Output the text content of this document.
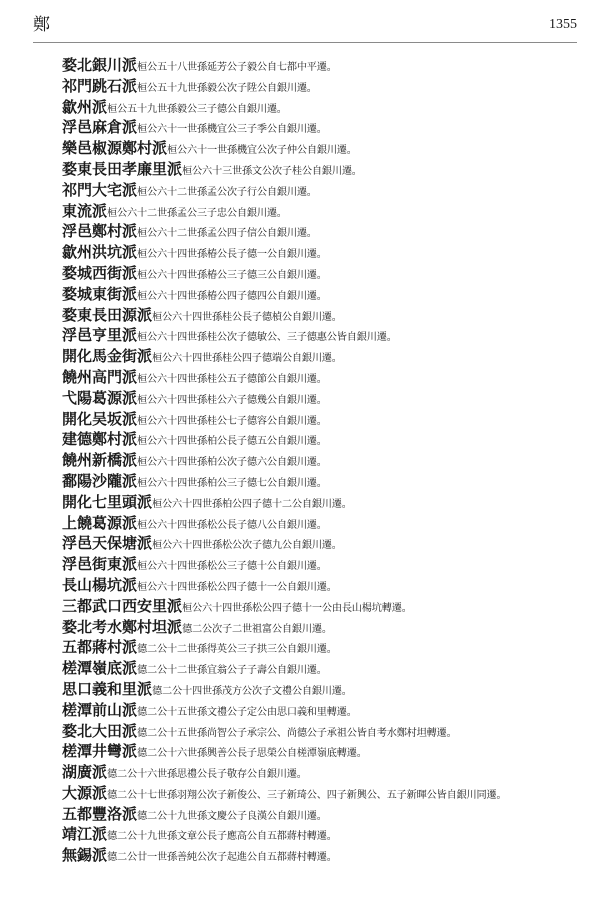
鄭	1355
婺北銀川派桓公五十八世孫延芳公子毅公自七都中平遷。
祁門跳石派桓公五十九世孫毅公次子陞公自銀川遷。
歙州派桓公五十九世孫毅公三子德公自銀川遷。
浮邑麻倉派桓公六十一世孫機宜公三子季公自銀川遷。
樂邑椒源鄭村派桓公六十一世孫機宜公次子仲公自銀川遷。
婺東長田孝廉里派桓公六十三世孫文公次子桂公自銀川遷。
祁門大宅派桓公六十二世孫孟公次子行公自銀川遷。
東流派桓公六十二世孫孟公三子忠公自銀川遷。
浮邑鄭村派桓公六十二世孫孟公四子信公自銀川遷。
歙州洪坑派桓公六十四世孫椿公長子德一公自銀川遷。
婺城西街派桓公六十四世孫椿公三子德三公自銀川遷。
婺城東街派桓公六十四世孫椿公四子德四公自銀川遷。
婺東長田源派桓公六十四世孫桂公長子德楨公自銀川遷。
浮邑亨里派桓公六十四世孫桂公次子德敏公、三子德惠公皆自銀川遷。
開化馬金街派桓公六十四世孫桂公四子德端公自銀川遷。
饒州高門派桓公六十四世孫桂公五子德節公自銀川遷。
弋陽葛源派桓公六十四世孫桂公六子德幾公自銀川遷。
開化吴坂派桓公六十四世孫桂公七子德容公自銀川遷。
建德鄭村派桓公六十四世孫柏公長子德五公自銀川遷。
饒州新橋派桓公六十四世孫柏公次子德六公自銀川遷。
鄱陽沙隴派桓公六十四世孫柏公三子德七公自銀川遷。
開化七里頭派桓公六十四世孫柏公四子德十二公自銀川遷。
上饒葛源派桓公六十四世孫松公長子德八公自銀川遷。
浮邑天保塘派桓公六十四世孫松公次子德九公自銀川遷。
浮邑街東派桓公六十四世孫松公三子德十公自銀川遷。
長山楊坑派桓公六十四世孫松公四子德十一公自銀川遷。
三都武口西安里派桓公六十四世孫松公四子德十一公由長山楊坑轉遷。
婺北考水鄭村坦派德二公次子二世祖富公自銀川遷。
五都蔣村派德二公十二世孫得英公三子拱三公自銀川遷。
槎潭嶺底派德二公十二世孫宜翁公子子壽公自銀川遷。
思口義和里派德二公十四世孫茂方公次子文禮公自銀川遷。
槎潭前山派德二公十五世孫文禮公子定公由思口義和里轉遷。
婺北大田派德二公十五世孫尚智公子承宗公、尚德公子承祖公皆自考水鄭村坦轉遷。
槎潭井彎派德二公十六世孫興善公長子思榮公自槎潭嶺底轉遷。
湖廣派德二公十六世孫思禮公長子敬存公自銀川遷。
大源派德二公十七世孫羽翔公次子新俊公、三子新琦公、四子新興公、五子新暉公皆自銀川同遷。
五都豐洛派德二公十九世孫文慶公子良漢公自銀川遷。
靖江派德二公十九世孫文章公長子應高公自五都蔣村轉遷。
無錫派德二公廿一世孫善純公次子起進公自五都蔣村轉遷。
